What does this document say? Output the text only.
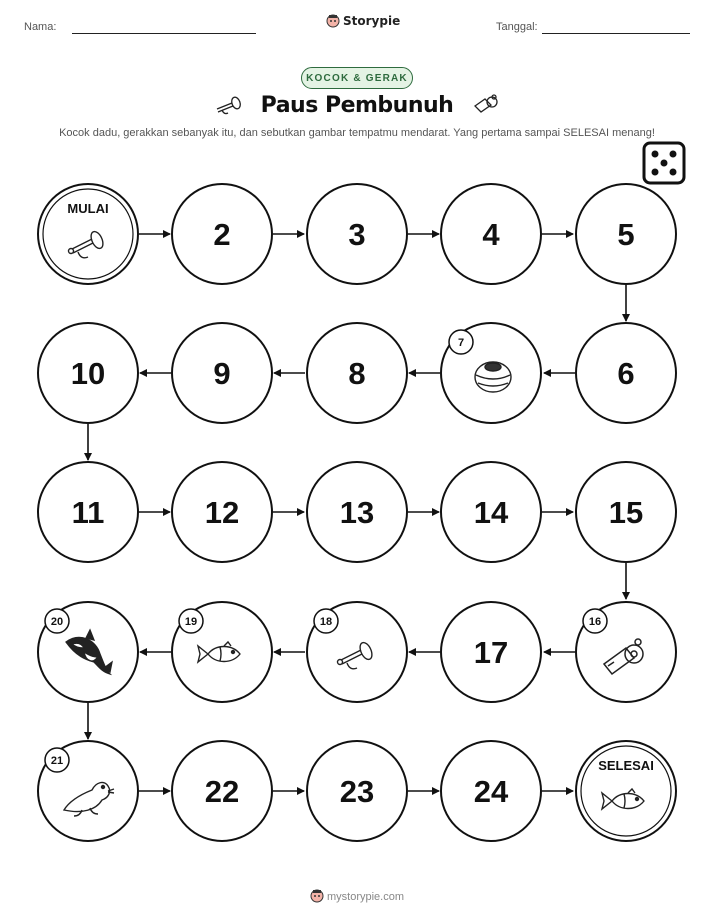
Nama:	Storypie	Tanggal:
KOCOK & GERAK
Paus Pembunuh
Kocok dadu, gerakkan sebanyak itu, dan sebutkan gambar tempatmu mendarat. Yang pertama sampai SELESAI menang!
MULAI
2	3	4	5
6
7
8
9
10
11	12	13	14	15
16
17
18
19
20
21
22	23	24
SELESAI
mystorypie.com
